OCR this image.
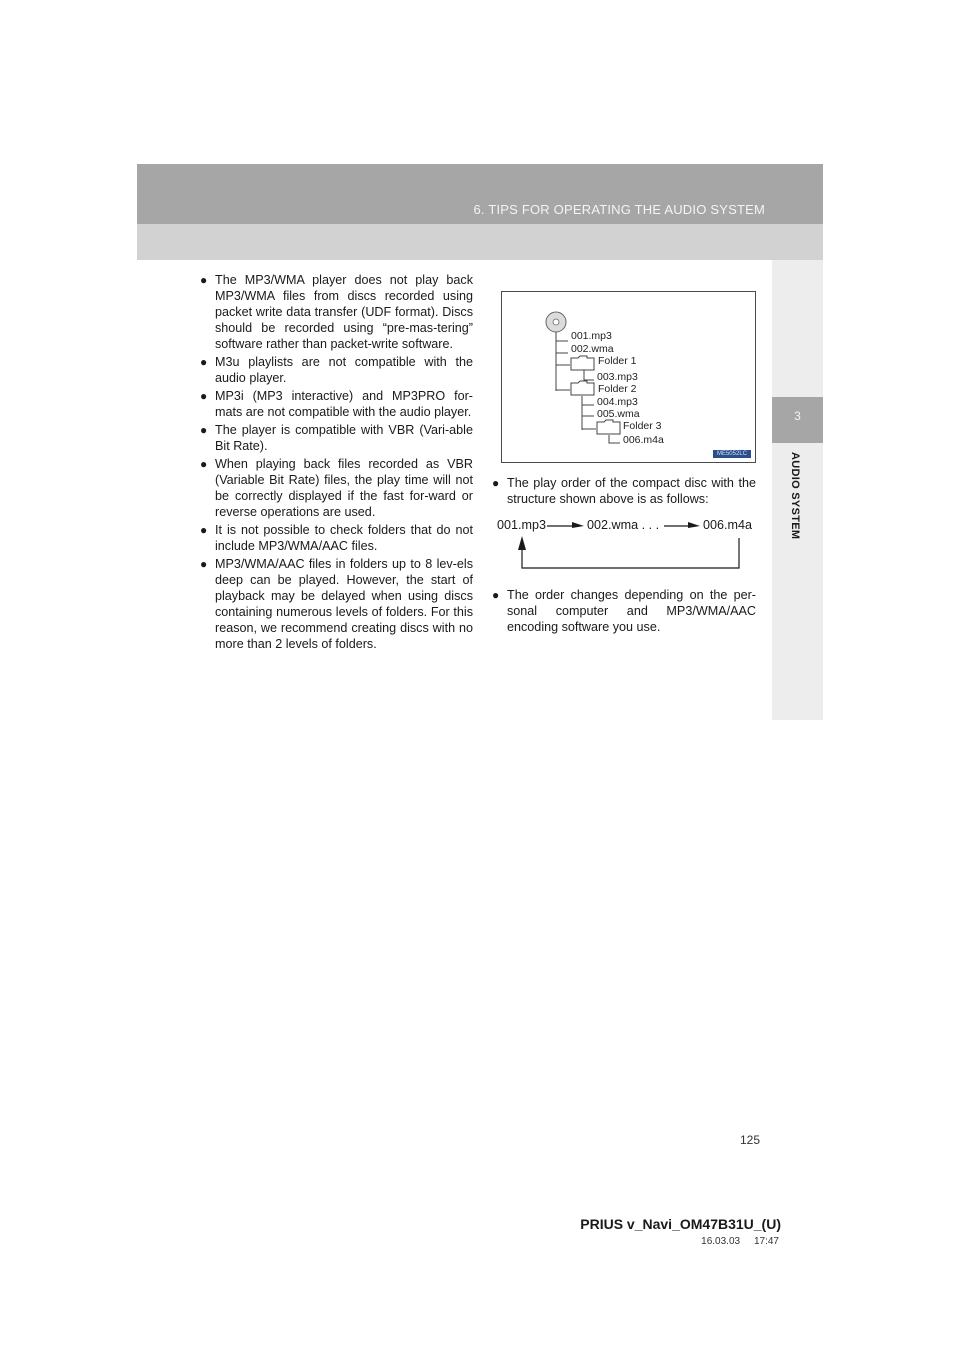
6. TIPS FOR OPERATING THE AUDIO SYSTEM
3
AUDIO SYSTEM

● The MP3/WMA player does not play back MP3/WMA files from discs recorded using packet write data transfer (UDF format). Discs should be recorded using “pre-mas-tering” software rather than packet-write software.

● M3u playlists are not compatible with the audio player.

● MP3i (MP3 interactive) and MP3PRO for-mats are not compatible with the audio player.

● The player is compatible with VBR (Vari-able Bit Rate).

● When playing back files recorded as VBR (Variable Bit Rate) files, the play time will not be correctly displayed if the fast for-ward or reverse operations are used.

● It is not possible to check folders that do not include MP3/WMA/AAC files.

● MP3/WMA/AAC files in folders up to 8 lev-els deep can be played. However, the start of playback may be delayed when using discs containing numerous levels of folders. For this reason, we recommend creating discs with no more than 2 levels of folders.

001.mp3
002.wma
Folder 1
003.mp3
Folder 2
004.mp3
005.wma
Folder 3
006.m4a
ME5052LC

● The play order of the compact disc with the structure shown above is as follows:

001.mp3	002.wma . . .	006.m4a

● The order changes depending on the per-sonal computer and MP3/WMA/AAC encoding software you use.

125
PRIUS v_Navi_OM47B31U_(U)
16.03.03     17:47
